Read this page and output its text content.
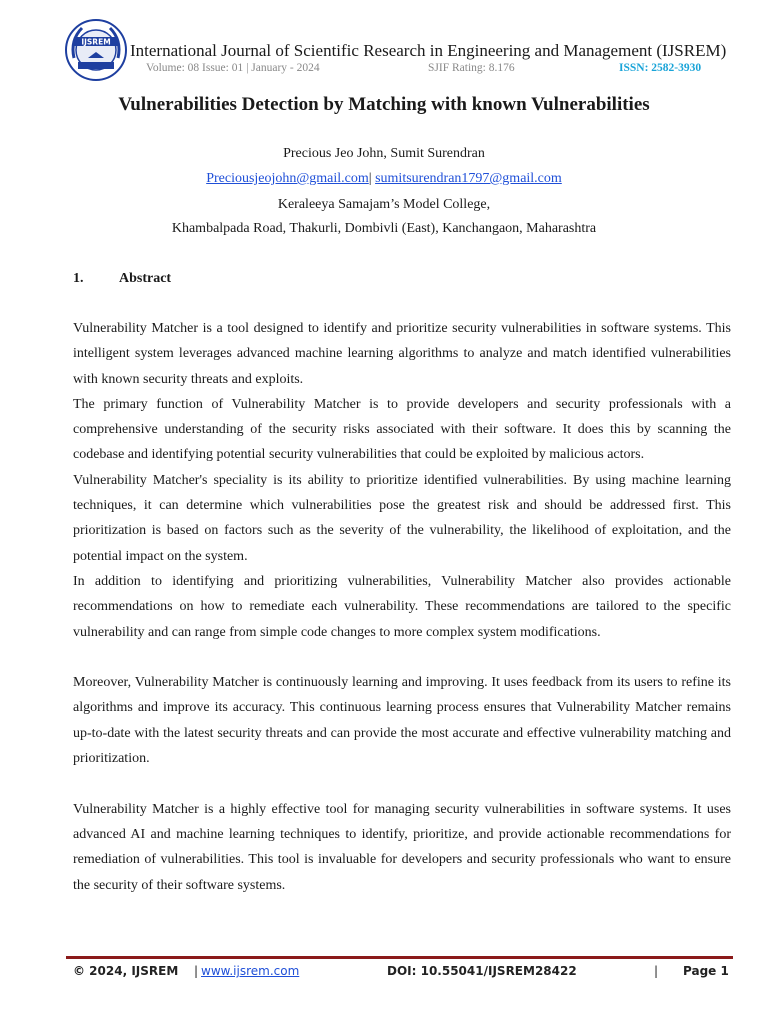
IJSREM International Journal of Scientific Research in Engineering and Management (IJSREM)
Volume: 08 Issue: 01 | January - 2024	SJIF Rating: 8.176	ISSN: 2582-3930
Vulnerabilities Detection by Matching with known Vulnerabilities
Precious Jeo John, Sumit Surendran
Preciousjeojohn@gmail.com| sumitsurendran1797@gmail.com
Keraleeya Samajam’s Model College,
Khambalpada Road, Thakurli, Dombivli (East), Kanchangaon, Maharashtra
1.	Abstract

Vulnerability Matcher is a tool designed to identify and prioritize security vulnerabilities in software systems. This intelligent system leverages advanced machine learning algorithms to analyze and match identified vulnerabilities with known security threats and exploits.

The primary function of Vulnerability Matcher is to provide developers and security professionals with a comprehensive understanding of the security risks associated with their software. It does this by scanning the codebase and identifying potential security vulnerabilities that could be exploited by malicious actors.

Vulnerability Matcher's speciality is its ability to prioritize identified vulnerabilities. By using machine learning techniques, it can determine which vulnerabilities pose the greatest risk and should be addressed first. This prioritization is based on factors such as the severity of the vulnerability, the likelihood of exploitation, and the potential impact on the system.

In addition to identifying and prioritizing vulnerabilities, Vulnerability Matcher also provides actionable recommendations on how to remediate each vulnerability. These recommendations are tailored to the specific vulnerability and can range from simple code changes to more complex system modifications.

Moreover, Vulnerability Matcher is continuously learning and improving. It uses feedback from its users to refine its algorithms and improve its accuracy. This continuous learning process ensures that Vulnerability Matcher remains up-to-date with the latest security threats and can provide the most accurate and effective vulnerability matching and prioritization.

Vulnerability Matcher is a highly effective tool for managing security vulnerabilities in software systems. It uses advanced AI and machine learning techniques to identify, prioritize, and provide actionable recommendations for remediation of vulnerabilities. This tool is invaluable for developers and security professionals who want to ensure the security of their software systems.

© 2024, IJSREM | www.ijsrem.com	DOI: 10.55041/IJSREM28422	| Page 1
